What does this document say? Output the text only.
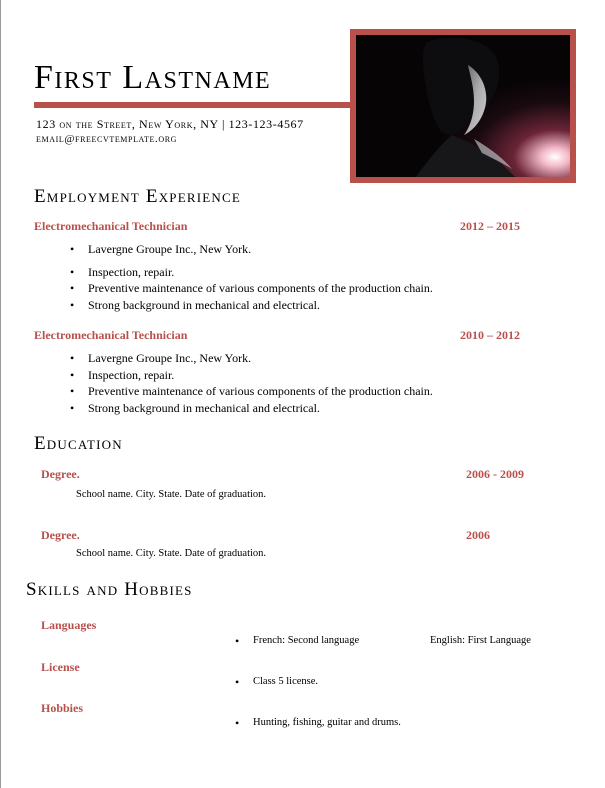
First Lastname
123 on the Street, New York, NY | 123-123-4567
email@freecvtemplate.org
Employment Experience
Electromechanical Technician	2012 – 2015
• Lavergne Groupe Inc., New York.
• Inspection, repair.
• Preventive maintenance of various components of the production chain.
• Strong background in mechanical and electrical.
Electromechanical Technician	2010 – 2012
• Lavergne Groupe Inc., New York.
• Inspection, repair.
• Preventive maintenance of various components of the production chain.
• Strong background in mechanical and electrical.
Education
Degree.	2006 - 2009
School name. City. State. Date of graduation.
Degree.	2006
School name. City. State. Date of graduation.
Skills and Hobbies
Languages
• French: Second language	English: First Language
License
• Class 5 license.
Hobbies
• Hunting, fishing, guitar and drums.
